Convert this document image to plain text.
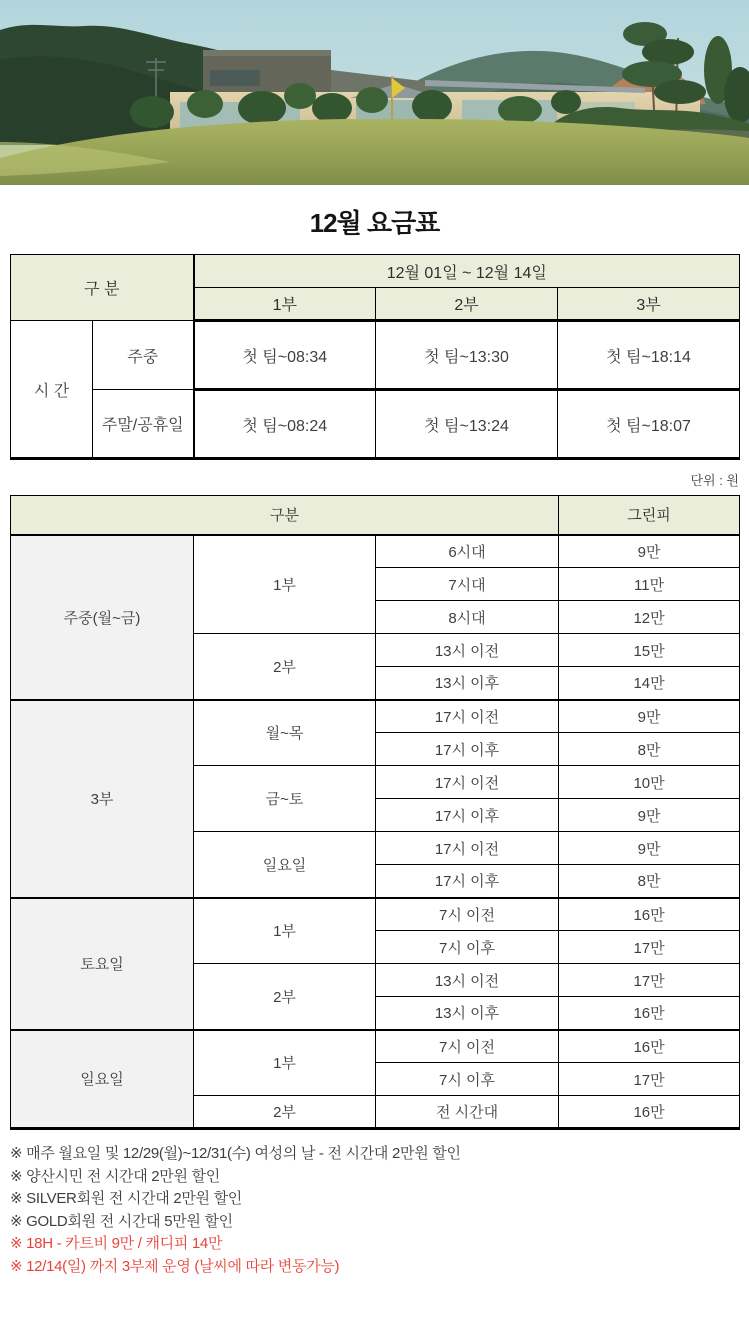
12월 요금표
구 분		12월 01일 ~ 12월 14일		
		1부	2부	3부
시 간	주중	첫 팀~08:34	첫 팀~13:30	첫 팀~18:14
	주말/공휴일	첫 팀~08:24	첫 팀~13:24	첫 팀~18:07
단위 : 원
구분			그린피
주중(월~금)	1부	6시대	9만
		7시대	11만
		8시대	12만
	2부	13시 이전	15만
		13시 이후	14만
3부	월~목	17시 이전	9만
		17시 이후	8만
	금~토	17시 이전	10만
		17시 이후	9만
	일요일	17시 이전	9만
		17시 이후	8만
토요일	1부	7시 이전	16만
		7시 이후	17만
	2부	13시 이전	17만
		13시 이후	16만
일요일	1부	7시 이전	16만
		7시 이후	17만
	2부	전 시간대	16만
※ 매주 월요일 및 12/29(월)~12/31(수) 여성의 날 - 전 시간대 2만원 할인
※ 양산시민 전 시간대 2만원 할인
※ SILVER회원 전 시간대 2만원 할인
※ GOLD회원 전 시간대 5만원 할인
※ 18H - 카트비 9만 / 캐디피 14만
※ 12/14(일) 까지 3부제 운영 (날씨에 따라 변동가능)
